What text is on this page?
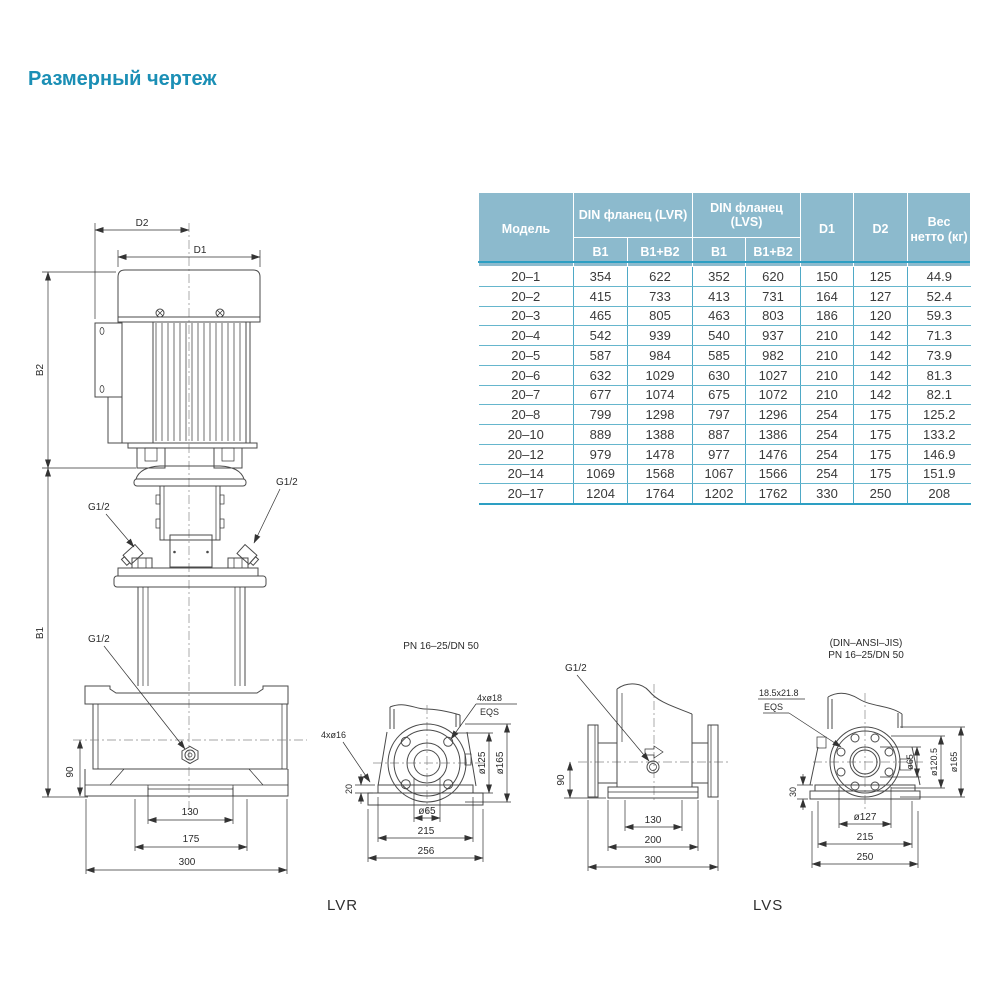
Размерный чертеж
Модель	DIN фланец (LVR)		DIN фланец (LVS)		D1	D2	Вес нетто (кг)
	B1	B1+B2	B1	B1+B2			
20–1	354	622	352	620	150	125	44.9
20–2	415	733	413	731	164	127	52.4
20–3	465	805	463	803	186	120	59.3
20–4	542	939	540	937	210	142	71.3
20–5	587	984	585	982	210	142	73.9
20–6	632	1029	630	1027	210	142	81.3
20–7	677	1074	675	1072	210	142	82.1
20–8	799	1298	797	1296	254	175	125.2
20–10	889	1388	887	1386	254	175	133.2
20–12	979	1478	977	1476	254	175	146.9
20–14	1069	1568	1067	1566	254	175	151.9
20–17	1204	1764	1202	1762	330	250	208
D2
D1
B2
B1
G1/2
G1/2
G1/2
90
130
175
300
PN 16–25/DN 50
4xø18
EQS
4xø16
20
ø65
215
256
ø125 ø165
G1/2
90
130
200
300
(DIN–ANSI–JIS)
PN 16–25/DN 50
18.5x21.8
EQS
30
ø127
215
250
ø65 ø120.5 ø165
LVR	LVS
